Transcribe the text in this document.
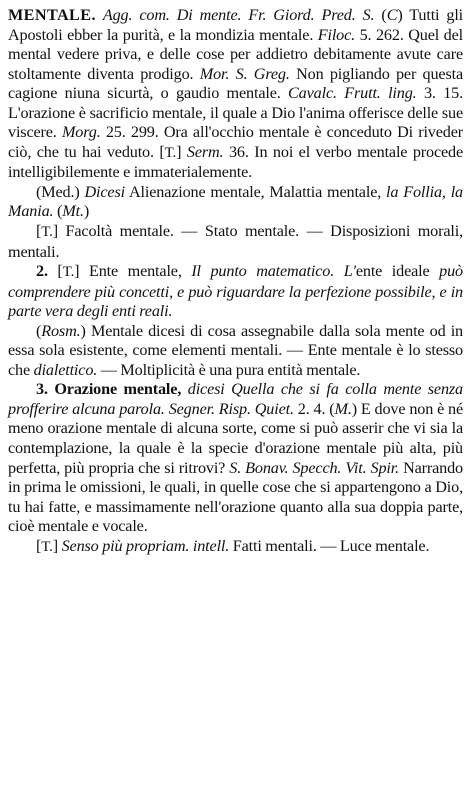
MENTALE. Agg. com. Di mente. Fr. Giord. Pred. S. (C) Tutti gli Apostoli ebber la purità, e la mondizia mentale. Filoc. 5. 262. Quel del mental vedere priva, e delle cose per addietro debitamente avute care stoltamente diventa prodigo. Mor. S. Greg. Non pigliando per questa cagione niuna sicurtà, o gaudio mentale. Cavalc. Frutt. ling. 3. 15. L'orazione è sacrificio mentale, il quale a Dio l'anima offerisce delle sue viscere. Morg. 25. 299. Ora all'occhio mentale è conceduto Di riveder ciò, che tu hai veduto. [T.] Serm. 36. In noi el verbo mentale procede intelligibilemente e immaterialemente.

(Med.) Dicesi Alienazione mentale, Malattia mentale, la Follia, la Mania. (Mt.)

[T.] Facoltà mentale. — Stato mentale. — Disposizioni morali, mentali.

2. [T.] Ente mentale, Il punto matematico. L'ente ideale può comprendere più concetti, e può riguardare la perfezione possibile, e in parte vera degli enti reali.

(Rosm.) Mentale dicesi di cosa assegnabile dalla sola mente od in essa sola esistente, come elementi mentali. — Ente mentale è lo stesso che dialettico. — Moltiplicità è una pura entità mentale.

3. Orazione mentale, dicesi Quella che si fa colla mente senza profferire alcuna parola. Segner. Risp. Quiet. 2. 4. (M.) E dove non è né meno orazione mentale di alcuna sorte, come si può asserir che vi sia la contemplazione, la quale è la specie d'orazione mentale più alta, più perfetta, più propria che si ritrovi? S. Bonav. Specch. Vit. Spir. Narrando in prima le omissioni, le quali, in quelle cose che si appartengono a Dio, tu hai fatte, e massimamente nell'orazione quanto alla sua doppia parte, cioè mentale e vocale.

[T.] Senso più propriam. intell. Fatti mentali. — Luce mentale.
